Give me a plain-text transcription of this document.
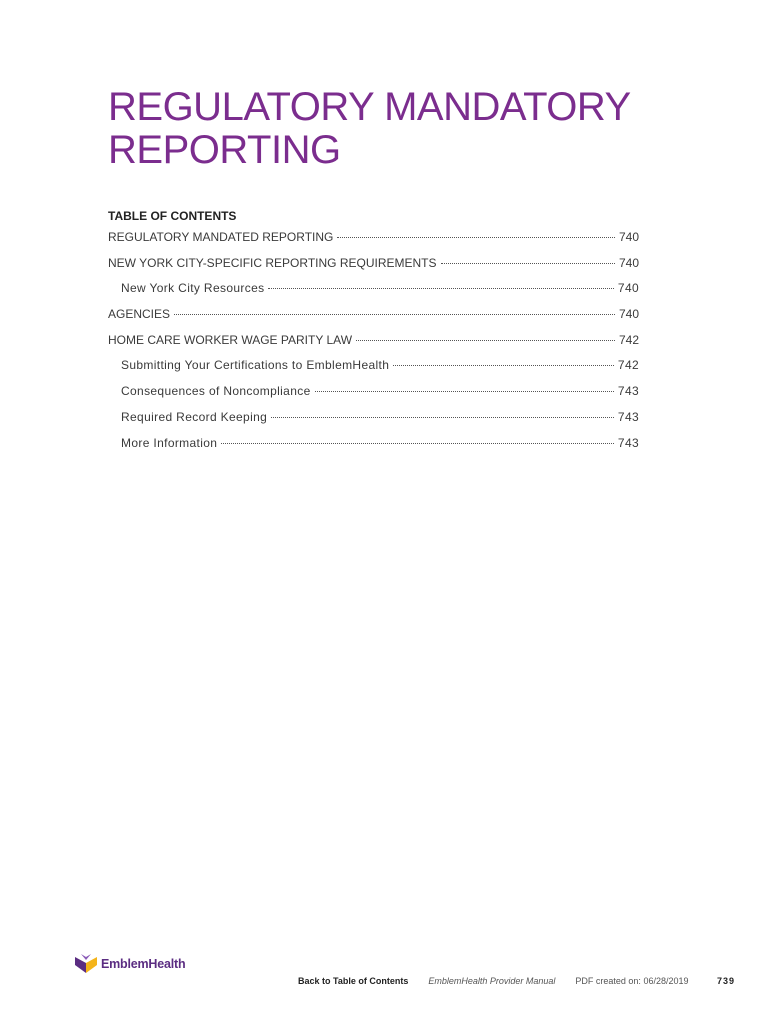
REGULATORY MANDATORY
REPORTING
TABLE OF CONTENTS
REGULATORY MANDATED REPORTING	740
NEW YORK CITY-SPECIFIC REPORTING REQUIREMENTS	740
New York City Resources	740
AGENCIES	740
HOME CARE WORKER WAGE PARITY LAW	742
Submitting Your Certifications to EmblemHealth	742
Consequences of Noncompliance	743
Required Record Keeping	743
More Information	743
EmblemHealth
Back to Table of Contents EmblemHealth Provider Manual PDF created on: 06/28/2019	739
